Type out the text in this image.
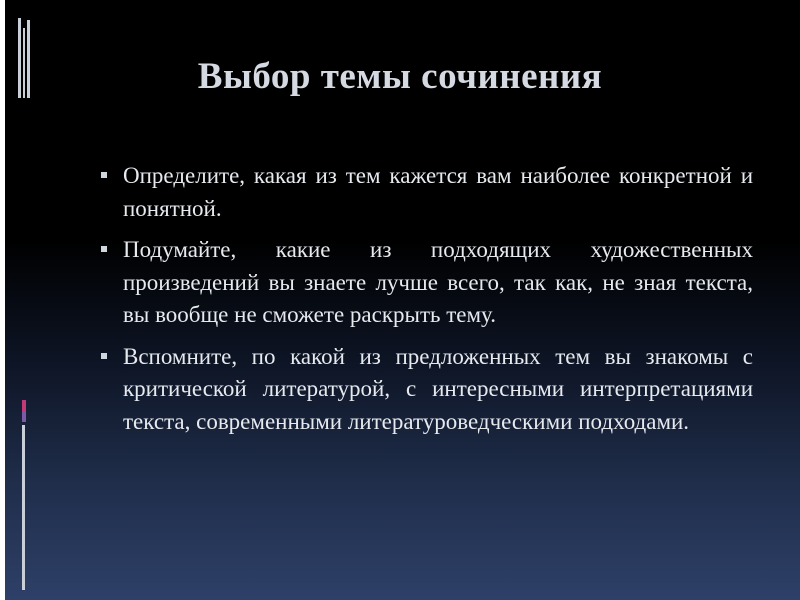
Выбор темы сочинения
Определите, какая из тем кажется вам наиболее конкретной и понятной.
Подумайте, какие из подходящих художественных произведений вы знаете лучше всего, так как, не зная текста, вы вообще не сможете раскрыть тему.
Вспомните, по какой из предложенных тем вы знакомы с критической литературой, с интересными интерпретациями текста, современными литературоведческими подходами.
